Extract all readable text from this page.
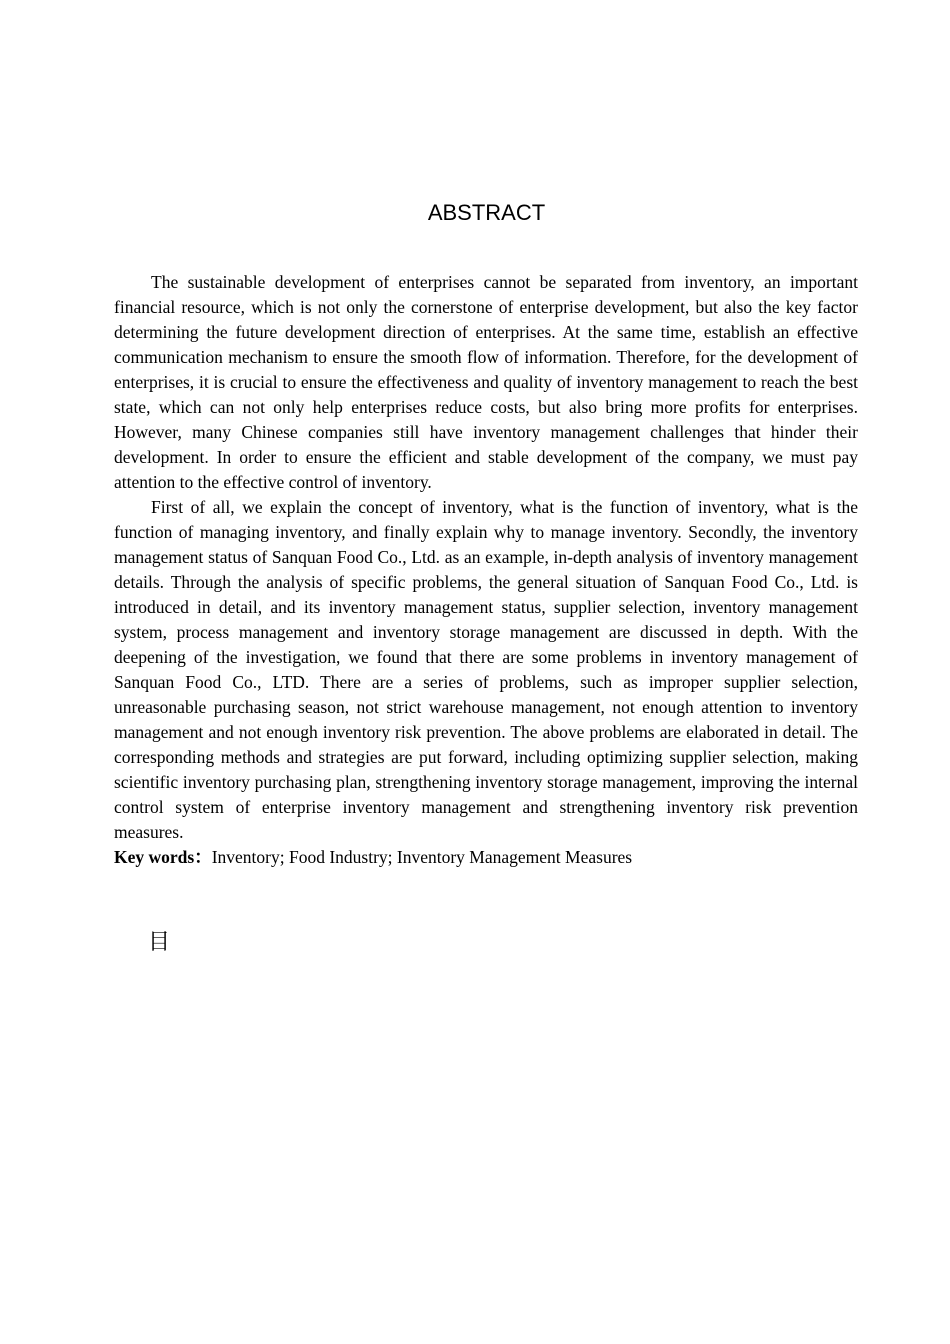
ABSTRACT

The sustainable development of enterprises cannot be separated from inventory, an important financial resource, which is not only the cornerstone of enterprise development, but also the key factor determining the future development direction of enterprises. At the same time, establish an effective communication mechanism to ensure the smooth flow of information. Therefore, for the development of enterprises, it is crucial to ensure the effectiveness and quality of inventory management to reach the best state, which can not only help enterprises reduce costs, but also bring more profits for enterprises. However, many Chinese companies still have inventory management challenges that hinder their development. In order to ensure the efficient and stable development of the company, we must pay attention to the effective control of inventory.

First of all, we explain the concept of inventory, what is the function of inventory, what is the function of managing inventory, and finally explain why to manage inventory. Secondly, the inventory management status of Sanquan Food Co., Ltd. as an example, in-depth analysis of inventory management details. Through the analysis of specific problems, the general situation of Sanquan Food Co., Ltd. is introduced in detail, and its inventory management status, supplier selection, inventory management system, process management and inventory storage management are discussed in depth. With the deepening of the investigation, we found that there are some problems in inventory management of Sanquan Food Co., LTD. There are a series of problems, such as improper supplier selection, unreasonable purchasing season, not strict warehouse management, not enough attention to inventory management and not enough inventory risk prevention. The above problems are elaborated in detail. The corresponding methods and strategies are put forward, including optimizing supplier selection, making scientific inventory purchasing plan, strengthening inventory storage management, improving the internal control system of enterprise inventory management and strengthening inventory risk prevention measures.

Key words：Inventory; Food Industry; Inventory Management Measures

目
